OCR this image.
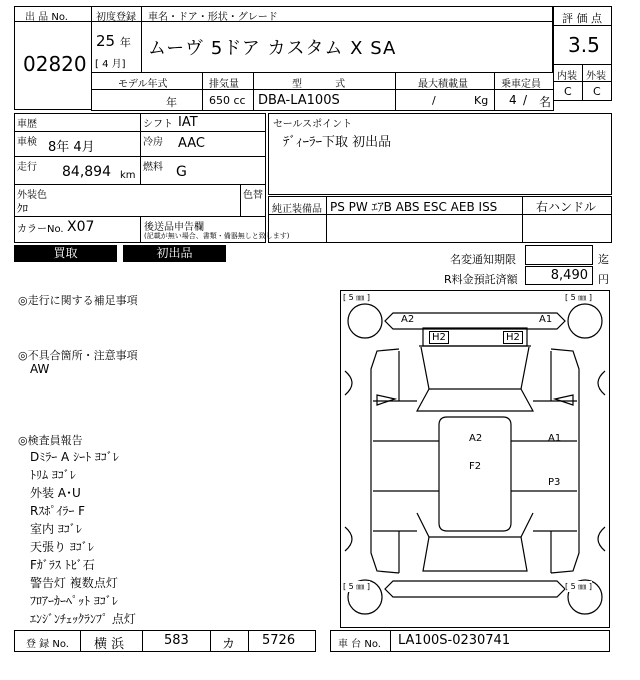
出 品 No.
02820
初度登録 車名・ドア・形状・グレード
25 年
[ 4 月]
ムーヴ 5ドア カスタム X SA
評 価 点
3.5
内装 外装
C C
モデル年式	排気量	型 式	最大積載量	乗車定員
年	650 cc DBA-LA100S	/	Kg 4 / 名
車歴	シフト IAT
車検 8年 4月	冷房 AAC
走行 84,894 km
燃料 G
外装色
ｸﾛ
色替
カラーNo. X07	後送品申告欄
(記載が無い場合、書類・備器無しと致します)
セールスポイント
ﾃﾞｨｰﾗｰ下取 初出品
純正装備品 PS PW ｴｱB ABS ESC AEB ISS	右ハンドル
買取	初出品	名変通知期限	迄
R料金預託済額	8,490 円
◎走行に関する補足事項
◎不具合箇所・注意事項
AW
◎検査員報告
Dﾐﾗｰ A ｼｰﾄ ﾖｺﾞﾚ
ﾄﾘﾑ ﾖｺﾞﾚ
外装 A･U
Rｽﾎﾟｲﾗｰ F
室内 ﾖｺﾞﾚ
天張り ﾖｺﾞﾚ
Fｶﾞﾗｽ ﾄﾋﾞ石
警告灯 複数点灯
ﾌﾛｱｰｶｰﾍﾟｯﾄ ﾖｺﾞﾚ
ｴﾝｼﾞﾝﾁｪｯｸﾗﾝﾌﾟ 点灯
[ 5 ㎜ ]	[ 5 ㎜ ]
[ 5 ㎜ ]	[ 5 ㎜ ]
A2	A1
H2	H2
A2
F2
A1
P3
登 録 No. 横 浜	583	カ 5726	車 台 No. LA100S-0230741
